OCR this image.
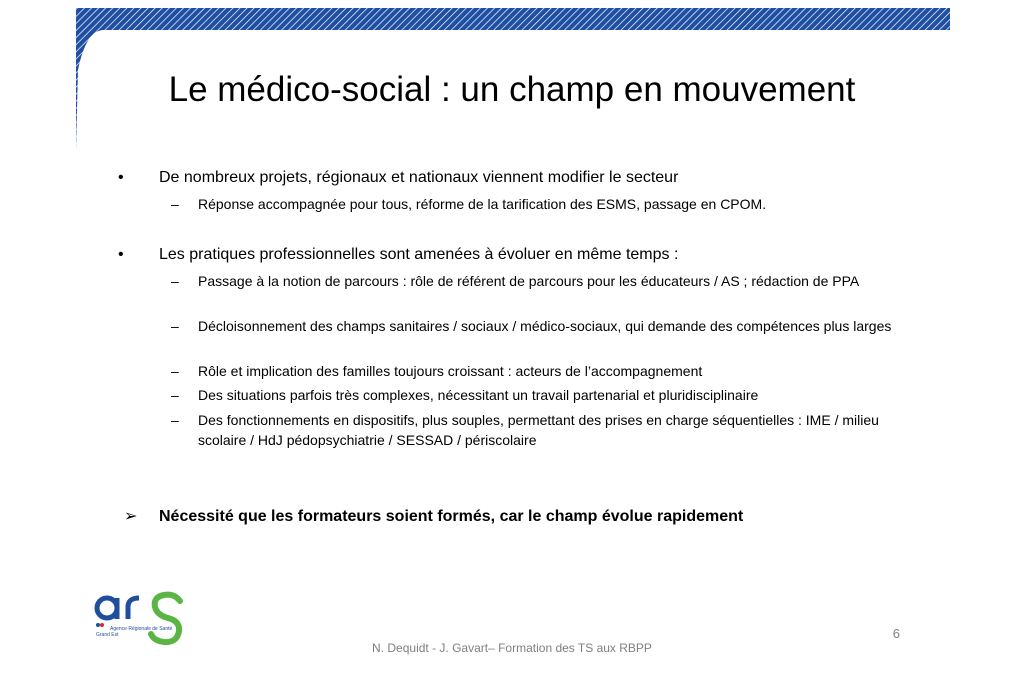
Le médico-social : un champ en mouvement
• De nombreux projets, régionaux et nationaux viennent modifier le secteur
– Réponse accompagnée pour tous, réforme de la tarification des ESMS, passage en CPOM.
• Les pratiques professionnelles sont amenées à évoluer en même temps :
– Passage à la notion de parcours : rôle de référent de parcours pour les éducateurs / AS ; rédaction de PPA
– Décloisonnement des champs sanitaires / sociaux / médico-sociaux, qui demande des compétences plus larges
– Rôle et implication des familles toujours croissant : acteurs de l’accompagnement
– Des situations parfois très complexes, nécessitant un travail partenarial et pluridisciplinaire
– Des fonctionnements en dispositifs, plus souples, permettant des prises en charge séquentielles : IME / milieu scolaire / HdJ pédopsychiatrie / SESSAD / périscolaire
➢ Nécessité que les formateurs soient formés, car le champ évolue rapidement
Agence Régionale de Santé
Grand Est	6
N. Dequidt - J. Gavart– Formation des TS aux RBPP
